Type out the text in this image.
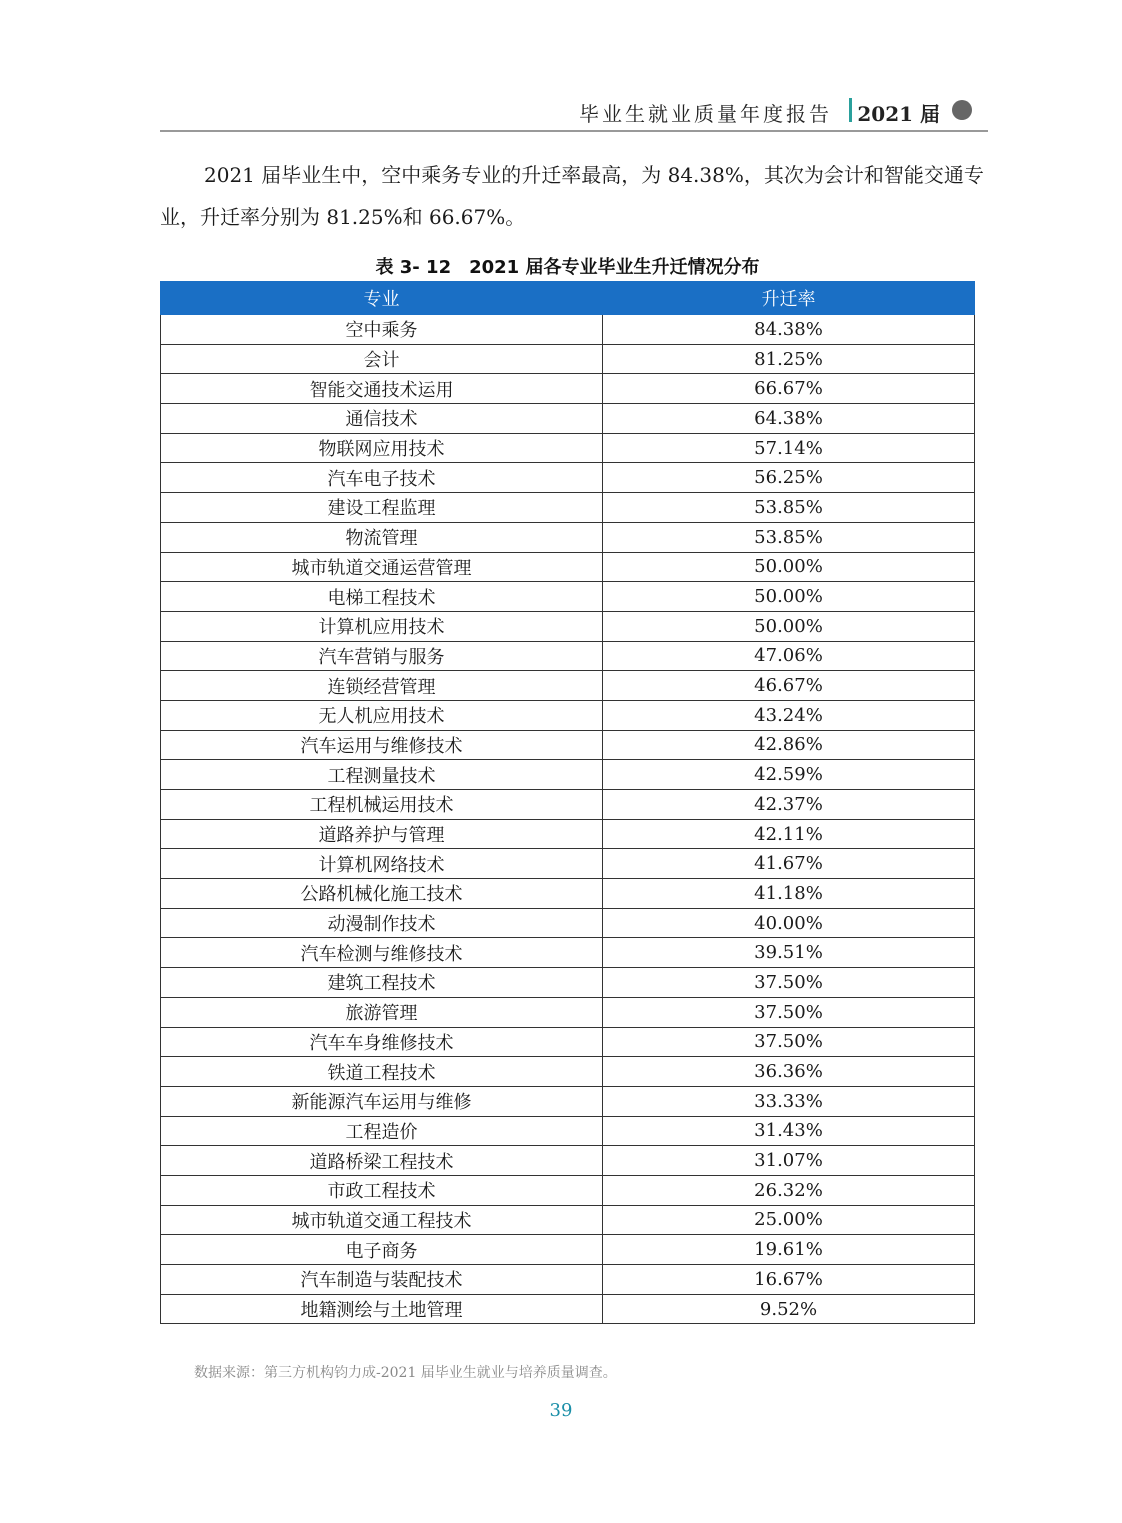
毕业生就业质量年度报告 2021 届

2021 届毕业生中，空中乘务专业的升迁率最高，为 84.38%，其次为会计和智能交通专业，升迁率分别为 81.25%和 66.67%。

表 3- 12　2021 届各专业毕业生升迁情况分布
专业	升迁率
空中乘务	84.38%
会计	81.25%
智能交通技术运用	66.67%
通信技术	64.38%
物联网应用技术	57.14%
汽车电子技术	56.25%
建设工程监理	53.85%
物流管理	53.85%
城市轨道交通运营管理	50.00%
电梯工程技术	50.00%
计算机应用技术	50.00%
汽车营销与服务	47.06%
连锁经营管理	46.67%
无人机应用技术	43.24%
汽车运用与维修技术	42.86%
工程测量技术	42.59%
工程机械运用技术	42.37%
道路养护与管理	42.11%
计算机网络技术	41.67%
公路机械化施工技术	41.18%
动漫制作技术	40.00%
汽车检测与维修技术	39.51%
建筑工程技术	37.50%
旅游管理	37.50%
汽车车身维修技术	37.50%
铁道工程技术	36.36%
新能源汽车运用与维修	33.33%
工程造价	31.43%
道路桥梁工程技术	31.07%
市政工程技术	26.32%
城市轨道交通工程技术	25.00%
电子商务	19.61%
汽车制造与装配技术	16.67%
地籍测绘与土地管理	9.52%
数据来源：第三方机构钧力成-2021 届毕业生就业与培养质量调查。
39
